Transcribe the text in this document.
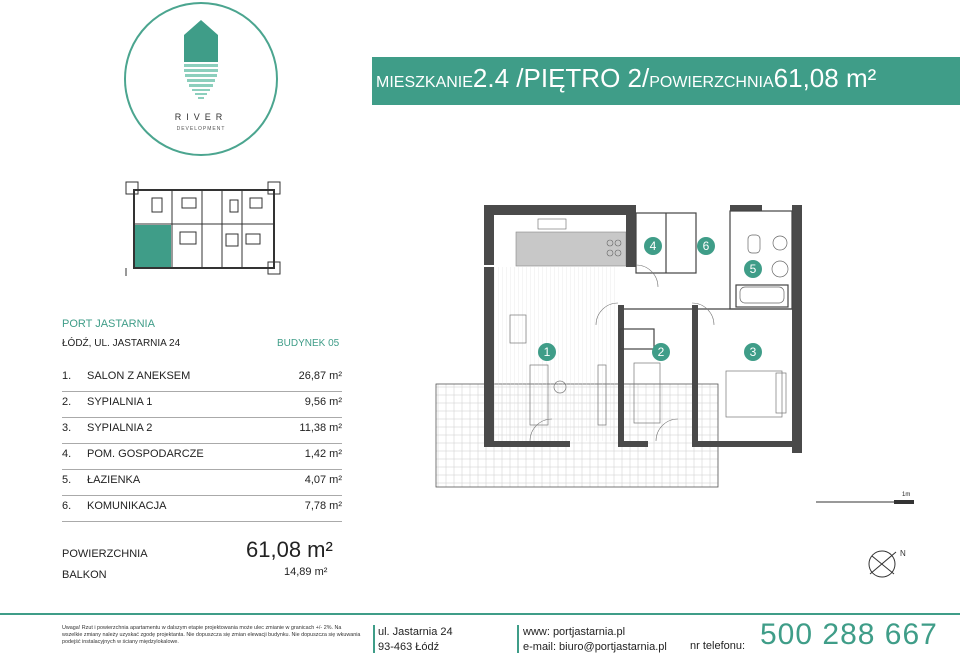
RIVER
DEVELOPMENT
MIESZKANIE 2.4 / PIĘTRO 2/ POWIERZCHNIA 61,08 m²
PORT JASTARNIA
ŁÓDŹ, UL. JASTARNIA 24	BUDYNEK 05
1. SALON Z ANEKSEM	26,87 m²
2. SYPIALNIA 1	9,56 m²
3. SYPIALNIA 2	11,38 m²
4. POM. GOSPODARCZE	1,42 m²
5. ŁAZIENKA	4,07 m²
6. KOMUNIKACJA	7,78 m²
POWIERZCHNIA	61,08 m²
BALKON	14,89 m²
1	2	3
4
5
6
1m
N
Uwaga! Rzut i powierzchnia apartamentu w dalszym etapie projektowania może ulec zmianie w granicach +/- 2%. Na wszelkie zmiany należy uzyskać zgodę projektanta. Nie dopuszcza się zmian elewacji budynku. Nie dopuszcza się wkuwania podejść instalacyjnych w ściany międzylokalowe.
ul. Jastarnia 24
93-463 Łódź
www: portjastarnia.pl
e-mail: biuro@portjastarnia.pl nr telefonu: 500 288 667
